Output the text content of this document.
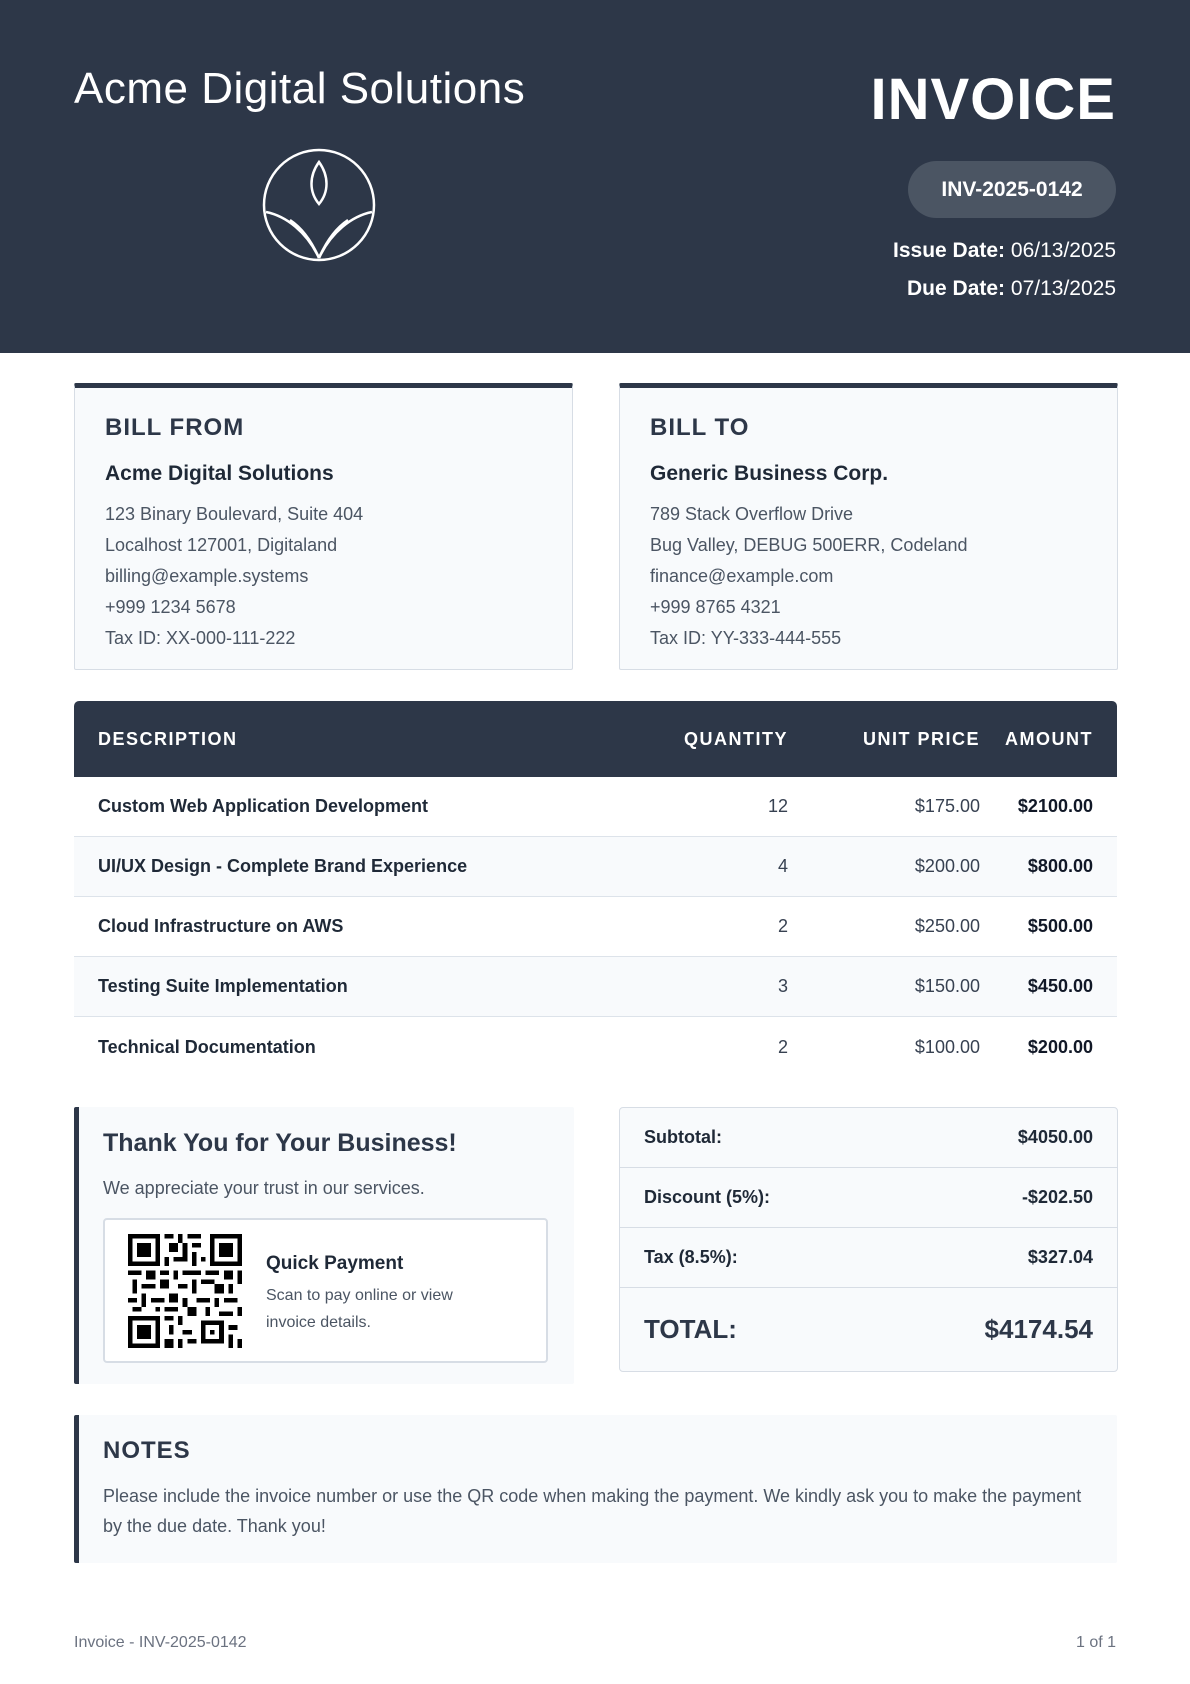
Acme Digital Solutions	INVOICE
INV-2025-0142
Issue Date: 06/13/2025
Due Date: 07/13/2025
BILL FROM
Acme Digital Solutions
123 Binary Boulevard, Suite 404
Localhost 127001, Digitaland
billing@example.systems
+999 1234 5678
Tax ID: XX-000-111-222
BILL TO
Generic Business Corp.
789 Stack Overflow Drive
Bug Valley, DEBUG 500ERR, Codeland
finance@example.com
+999 8765 4321
Tax ID: YY-333-444-555
DESCRIPTION	QUANTITY	UNIT PRICE	AMOUNT
Custom Web Application Development	12	$175.00	$2100.00
UI/UX Design - Complete Brand Experience	4	$200.00	$800.00
Cloud Infrastructure on AWS	2	$250.00	$500.00
Testing Suite Implementation	3	$150.00	$450.00
Technical Documentation	2	$100.00	$200.00
Thank You for Your Business!
We appreciate your trust in our services.
Quick Payment
Scan to pay online or view invoice details.
Subtotal:	$4050.00
Discount (5%):	-$202.50
Tax (8.5%):	$327.04
TOTAL:	$4174.54
NOTES
Please include the invoice number or use the QR code when making the payment. We kindly ask you to make the payment by the due date. Thank you!
Invoice - INV-2025-0142	1 of 1
